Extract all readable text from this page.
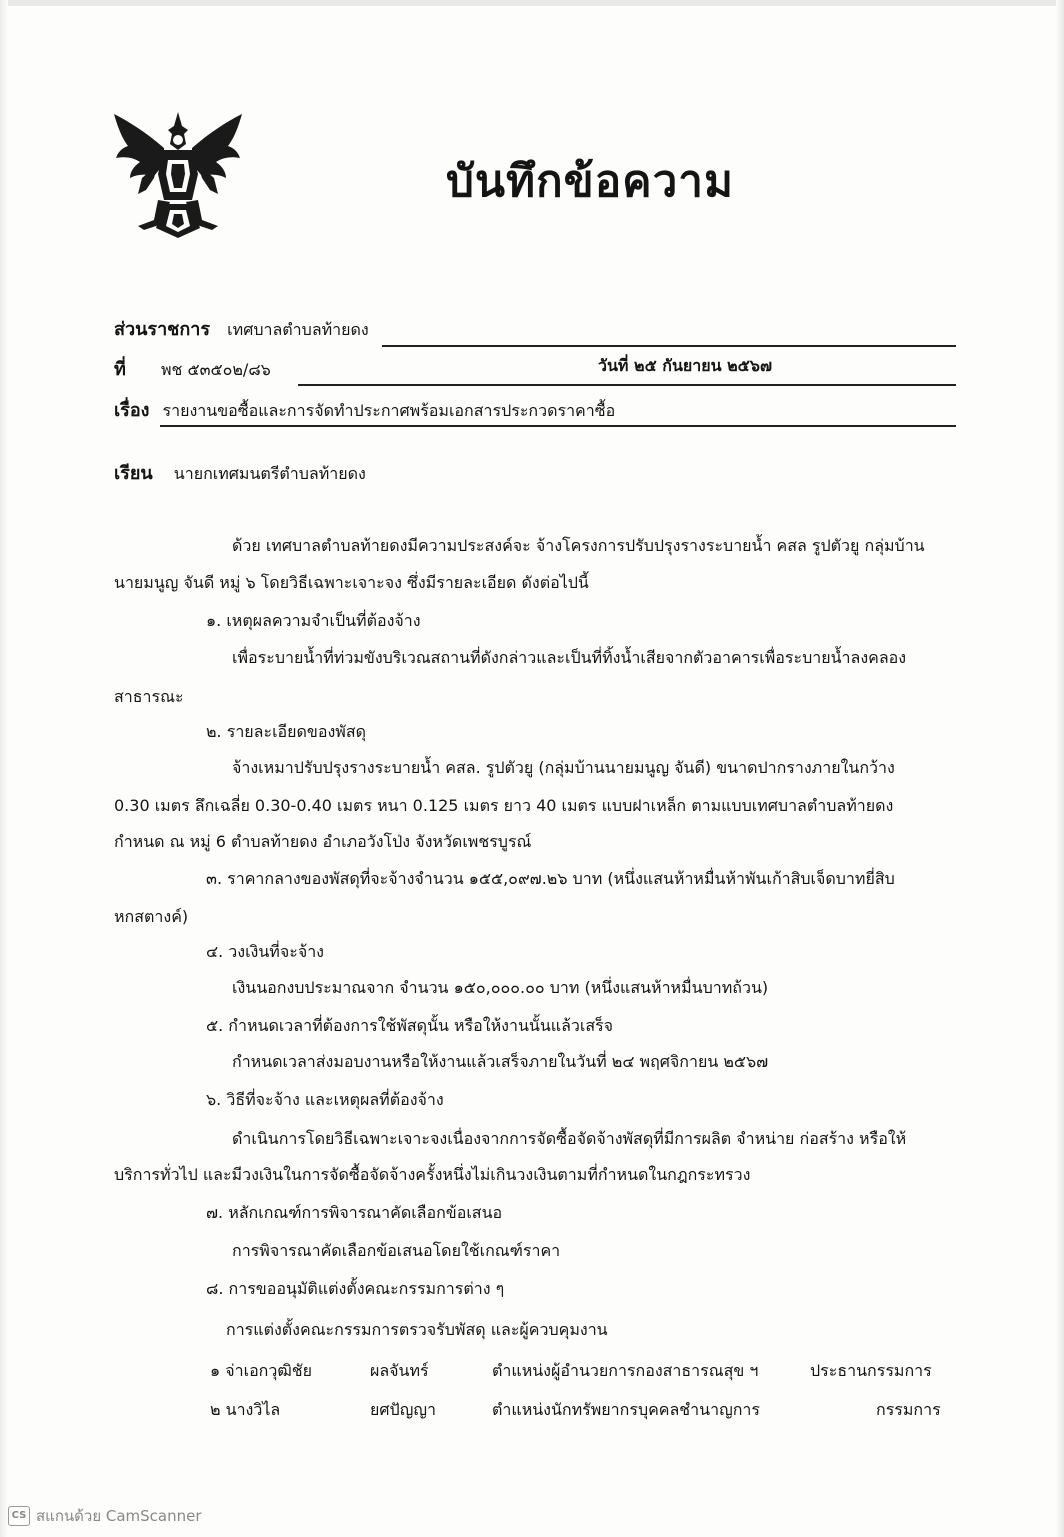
บันทึกข้อความ
ส่วนราชการ เทศบาลตำบลท้ายดง
ที่ พช ๕๓๕๐๒/๘๖	วันที่ ๒๕ กันยายน ๒๕๖๗
เรื่อง รายงานขอซื้อและการจัดทำประกาศพร้อมเอกสารประกวดราคาซื้อ
เรียน นายกเทศมนตรีตำบลท้ายดง
ด้วย เทศบาลตำบลท้ายดงมีความประสงค์จะ จ้างโครงการปรับปรุงรางระบายน้ำ คสล รูปตัวยู กลุ่มบ้าน
นายมนูญ จันดี หมู่ ๖ โดยวิธีเฉพาะเจาะจง ซึ่งมีรายละเอียด ดังต่อไปนี้
๑. เหตุผลความจำเป็นที่ต้องจ้าง
เพื่อระบายน้ำที่ท่วมขังบริเวณสถานที่ดังกล่าวและเป็นที่ทิ้งน้ำเสียจากตัวอาคารเพื่อระบายน้ำลงคลอง
สาธารณะ
๒. รายละเอียดของพัสดุ
จ้างเหมาปรับปรุงรางระบายน้ำ คสล. รูปตัวยู (กลุ่มบ้านนายมนูญ จันดี) ขนาดปากรางภายในกว้าง
0.30 เมตร ลึกเฉลี่ย 0.30-0.40 เมตร หนา 0.125 เมตร ยาว 40 เมตร แบบฝาเหล็ก ตามแบบเทศบาลตำบลท้ายดง
กำหนด ณ หมู่ 6 ตำบลท้ายดง อำเภอวังโป่ง จังหวัดเพชรบูรณ์
๓. ราคากลางของพัสดุที่จะจ้างจำนวน ๑๕๕,๐๙๗.๒๖ บาท (หนึ่งแสนห้าหมื่นห้าพันเก้าสิบเจ็ดบาทยี่สิบ
หกสตางค์)
๔. วงเงินที่จะจ้าง
เงินนอกงบประมาณจาก จำนวน ๑๕๐,๐๐๐.๐๐ บาท (หนึ่งแสนห้าหมื่นบาทถ้วน)
๕. กำหนดเวลาที่ต้องการใช้พัสดุนั้น หรือให้งานนั้นแล้วเสร็จ
กำหนดเวลาส่งมอบงานหรือให้งานแล้วเสร็จภายในวันที่ ๒๔ พฤศจิกายน ๒๕๖๗
๖. วิธีที่จะจ้าง และเหตุผลที่ต้องจ้าง
ดำเนินการโดยวิธีเฉพาะเจาะจงเนื่องจากการจัดซื้อจัดจ้างพัสดุที่มีการผลิต จำหน่าย ก่อสร้าง หรือให้
บริการทั่วไป และมีวงเงินในการจัดซื้อจัดจ้างครั้งหนึ่งไม่เกินวงเงินตามที่กำหนดในกฎกระทรวง
๗. หลักเกณฑ์การพิจารณาคัดเลือกข้อเสนอ
การพิจารณาคัดเลือกข้อเสนอโดยใช้เกณฑ์ราคา
๘. การขออนุมัติแต่งตั้งคณะกรรมการต่าง ๆ
การแต่งตั้งคณะกรรมการตรวจรับพัสดุ และผู้ควบคุมงาน
๑ จ่าเอกวุฒิชัย	ผลจันทร์	ตำแหน่งผู้อำนวยการกองสาธารณสุข ฯ	ประธานกรรมการ
๒ นางวิไล	ยศปัญญา	ตำแหน่งนักทรัพยากรบุคคลชำนาญการ	กรรมการ
CS สแกนด้วย CamScanner
